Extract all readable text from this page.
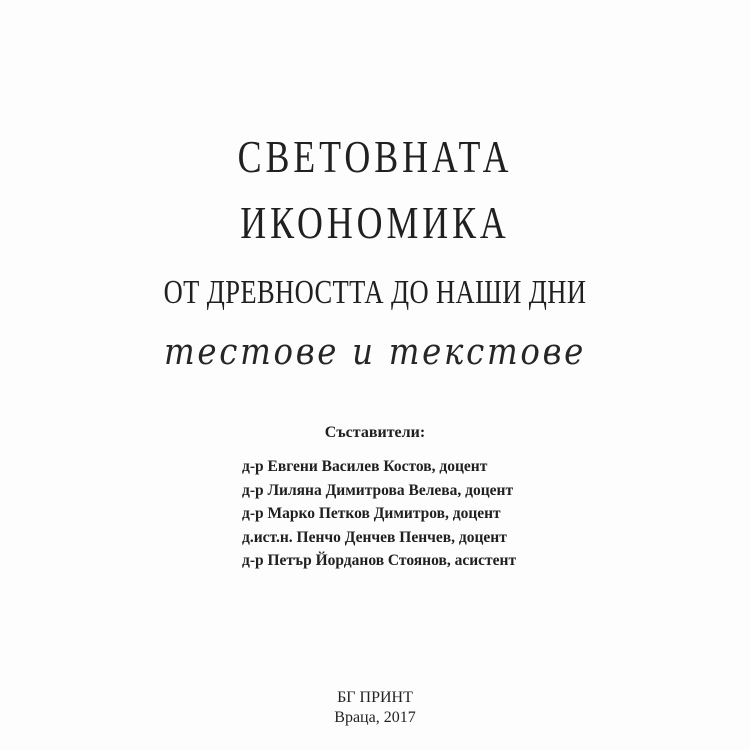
СВЕТОВНАТА
ИКОНОМИКА
ОТ ДРЕВНОСТТА ДО НАШИ ДНИ
тестове и текстове
Съставители:
д-р Евгени Василев Костов, доцент
д-р Лиляна Димитрова Велева, доцент
д-р Марко Петков Димитров, доцент
д.ист.н. Пенчо Денчев Пенчев, доцент
д-р Петър Йорданов Стоянов, асистент
БГ ПРИНТ
Враца, 2017
